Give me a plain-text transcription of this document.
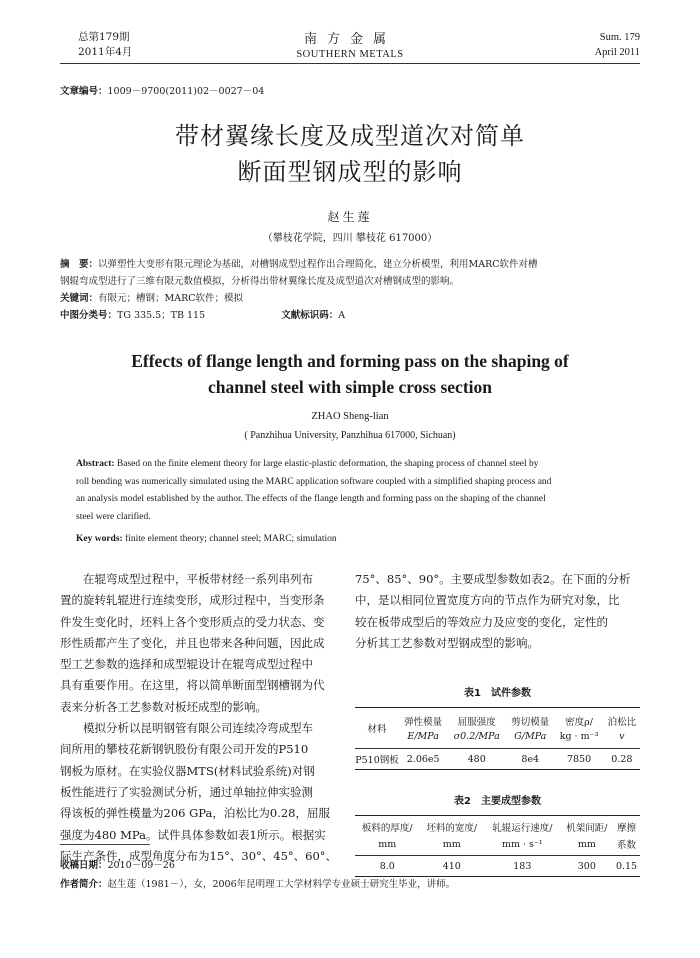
总第179期
2011年4月
南方金属
SOUTHERN METALS
Sum. 179
April 2011
文章编号：1009－9700(2011)02－0027－04
带材翼缘长度及成型道次对简单
断面型钢成型的影响
赵生莲
（攀枝花学院，四川 攀枝花 617000）
摘　要：以弹塑性大变形有限元理论为基础，对槽钢成型过程作出合理简化，建立分析模型，利用MARC软件对槽
钢辊弯成型进行了三维有限元数值模拟，分析得出带材翼缘长度及成型道次对槽钢成型的影响。
关键词：有限元；槽钢；MARC软件；模拟
中图分类号：TG 335.5；TB 115	文献标识码：A
Effects of flange length and forming pass on the shaping of
channel steel with simple cross section
ZHAO Sheng-lian
( Panzhihua University, Panzhihua 617000, Sichuan)
Abstract: Based on the finite element theory for large elastic-plastic deformation, the shaping process of channel steel by
roll bending was numerically simulated using the MARC application software coupled with a simplified shaping process and
an analysis model established by the author. The effects of the flange length and forming pass on the shaping of the channel
steel were clarified.
Key words: finite element theory; channel steel; MARC; simulation

在辊弯成型过程中，平板带材经一系列串列布
置的旋转轧辊进行连续变形，成形过程中，当变形条
件发生变化时，坯料上各个变形质点的受力状态、变
形性质都产生了变化，并且也带来各种问题，因此成
型工艺参数的选择和成型辊设计在辊弯成型过程中
具有重要作用。在这里，将以简单断面型钢槽钢为代
表来分析各工艺参数对板坯成型的影响。

模拟分析以昆明钢管有限公司连续冷弯成型车
间所用的攀枝花新钢钒股份有限公司开发的P510
钢板为原材。在实验仪器MTS(材料试验系统)对钢
板性能进行了实验测试分析，通过单轴拉伸实验测
得该板的弹性模量为206 GPa，泊松比为0.28，屈服
强度为480 MPa。试件具体参数如表1所示。根据实
际生产条件，成型角度分布为15°、30°、45°、60°、

75°、85°、90°。主要成型参数如表2。在下面的分析
中，是以相同位置宽度方向的节点作为研究对象，比
较在板带成型后的等效应力及应变的变化，定性的
分析其工艺参数对型钢成型的影响。
表1　试件参数
材料	弹性模量	屈服强度	剪切模量	密度ρ/	泊松比
	E/MPa	σ0.2/MPa	G/MPa	kg · m⁻³	v
P510钢板	2.06e5	480	8e4	7850	0.28
表2　主要成型参数
板料的厚度/	坯料的宽度/	轧辊运行速度/	机架间距/	摩擦
mm	mm	mm · s⁻¹	mm	系数
8.0	410	183	300	0.15
收稿日期：2010－09－26
作者简介：赵生莲（1981－），女，2006年昆明理工大学材料学专业硕士研究生毕业，讲师。
